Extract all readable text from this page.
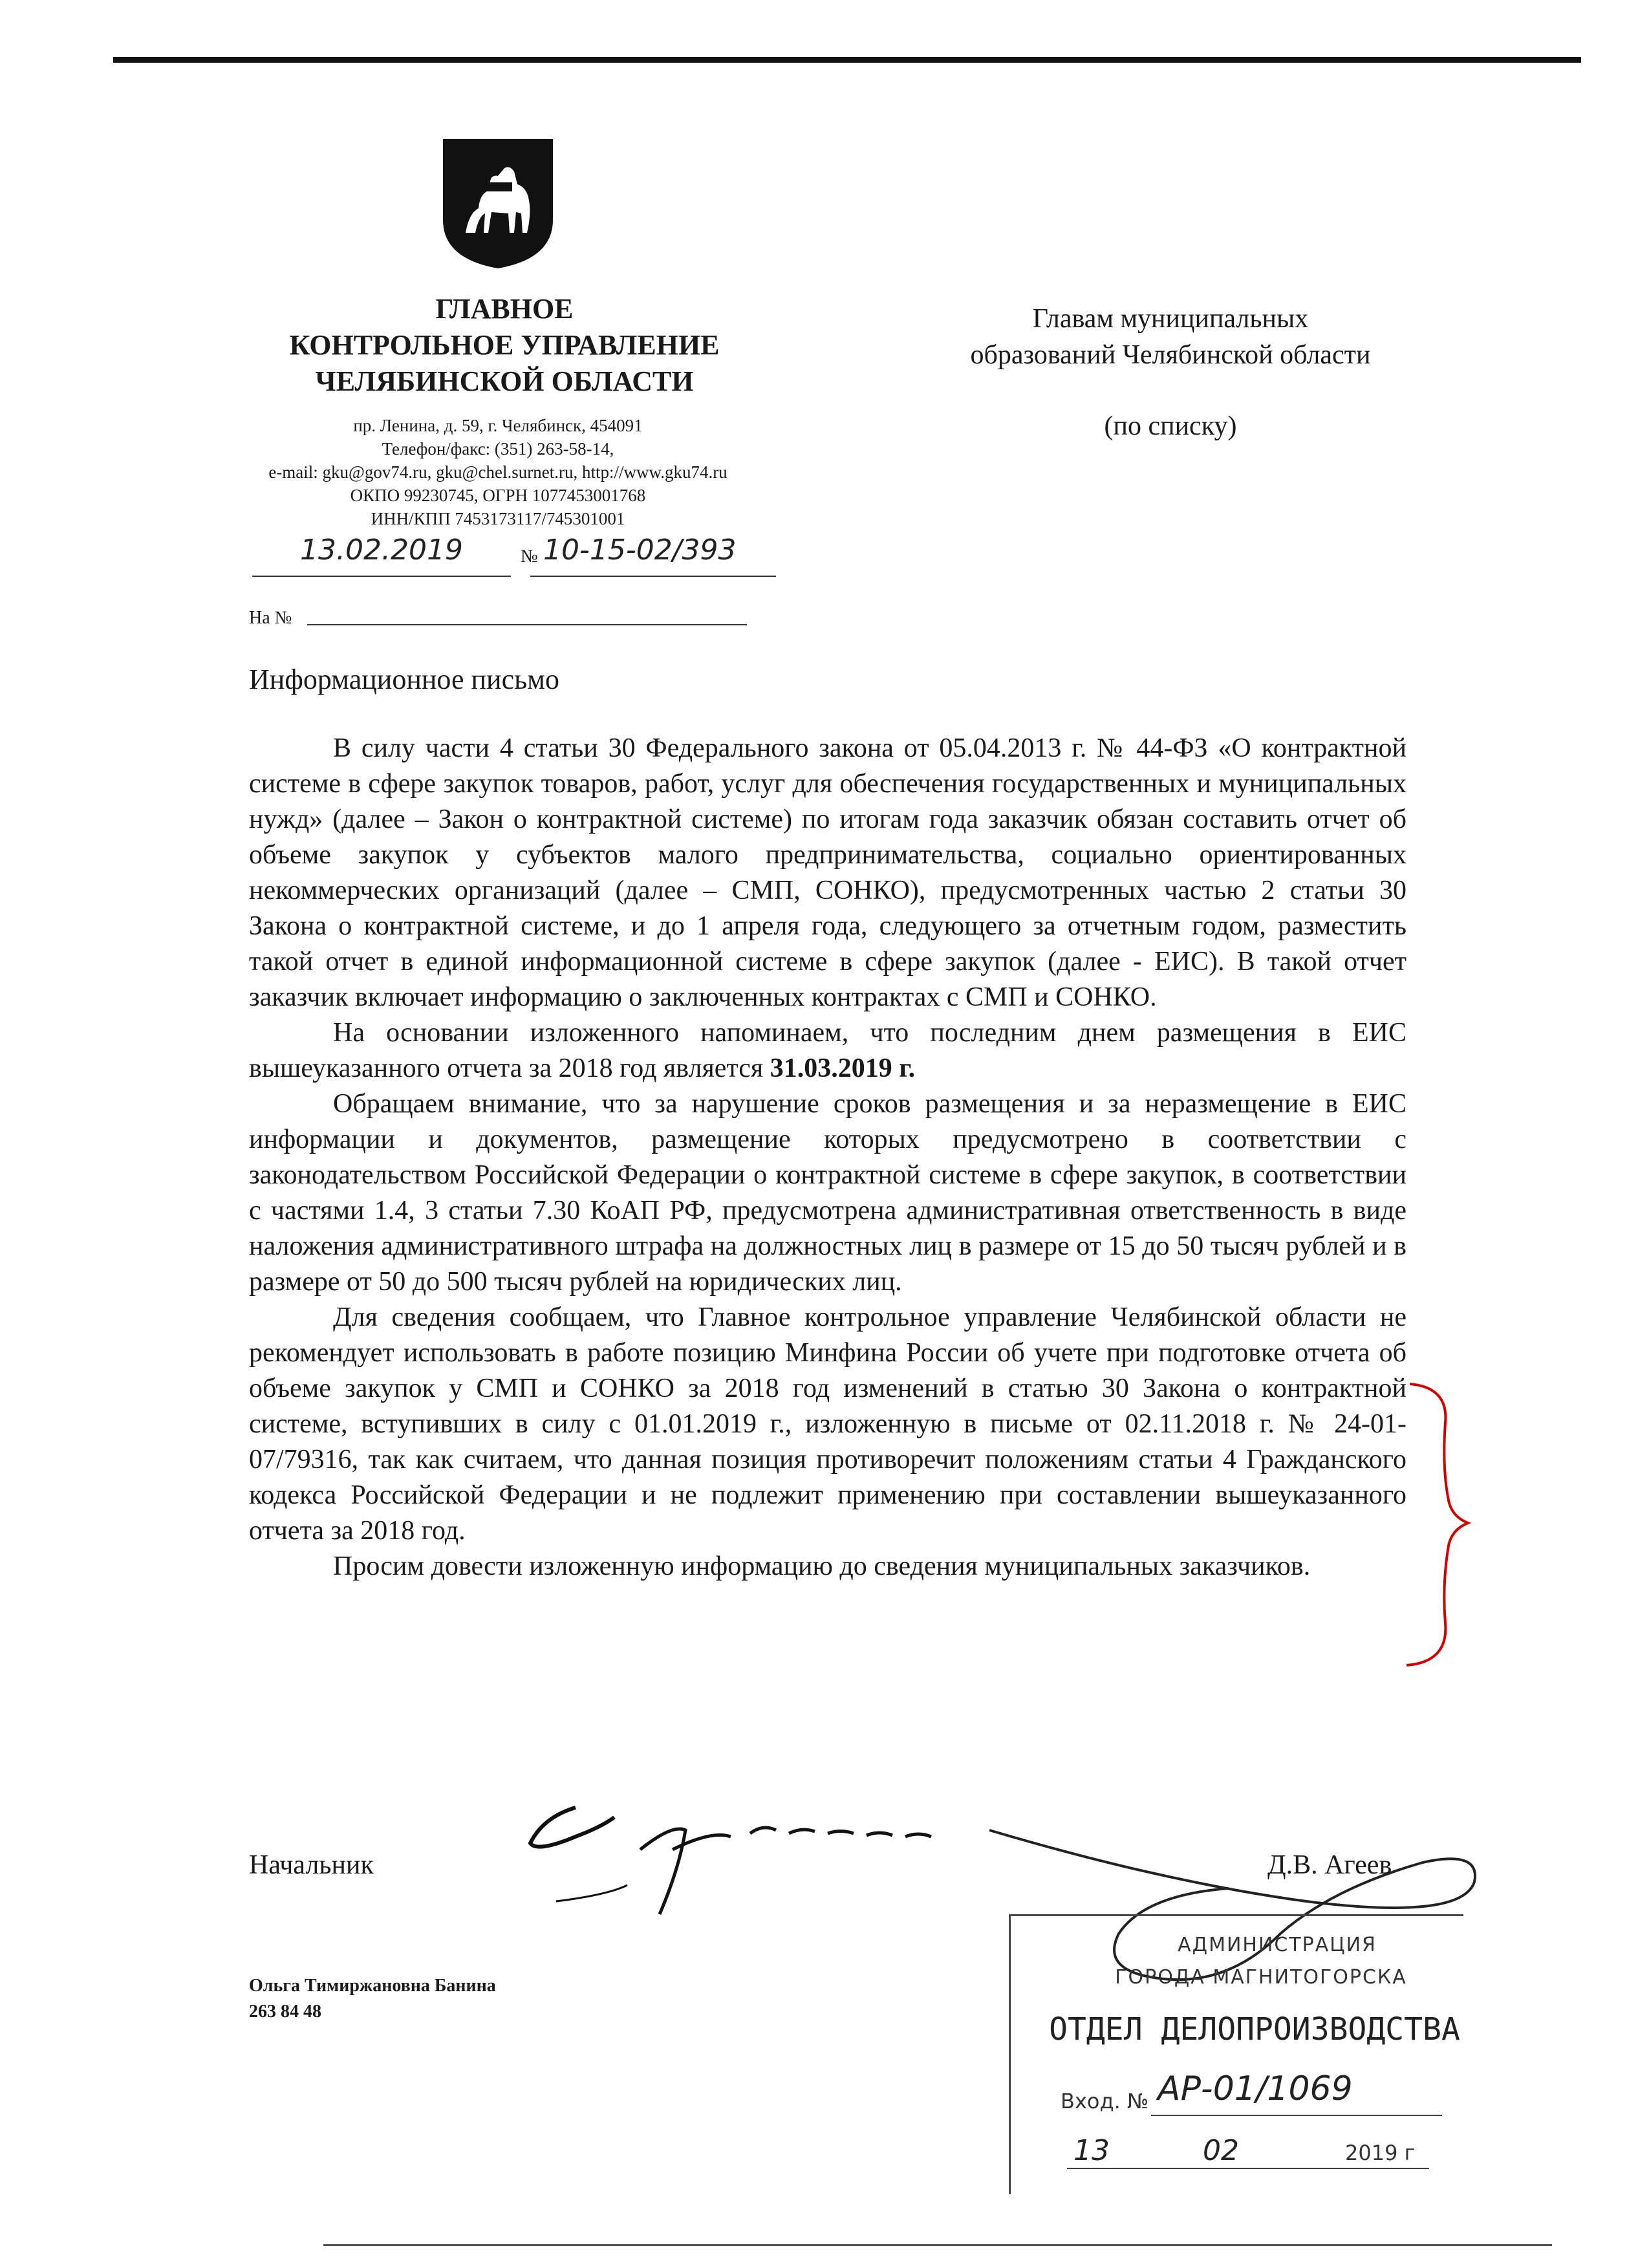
ГЛАВНОЕ
КОНТРОЛЬНОЕ УПРАВЛЕНИЕ
ЧЕЛЯБИНСКОЙ ОБЛАСТИ
пр. Ленина, д. 59, г. Челябинск, 454091
Телефон/факс: (351) 263-58-14,
e-mail: gku@gov74.ru, gku@chel.surnet.ru, http://www.gku74.ru
ОКПО 99230745, ОГРН 1077453001768
ИНН/КПП 7453173117/745301001
13.02.2019	№ 10-15-02/393
На №
Главам муниципальных
образований Челябинской области
(по списку)
Информационное письмо

В силу части 4 статьи 30 Федерального закона от 05.04.2013 г. № 44-ФЗ «О контрактной системе в сфере закупок товаров, работ, услуг для обеспечения государственных и муниципальных нужд» (далее – Закон о контрактной системе) по итогам года заказчик обязан составить отчет об объеме закупок у субъектов малого предпринимательства, социально ориентированных некоммерческих организаций (далее – СМП, СОНКО), предусмотренных частью 2 статьи 30 Закона о контрактной системе, и до 1 апреля года, следующего за отчетным годом, разместить такой отчет в единой информационной системе в сфере закупок (далее - ЕИС). В такой отчет заказчик включает информацию о заключенных контрактах с СМП и СОНКО.

На основании изложенного напоминаем, что последним днем размещения в ЕИС вышеуказанного отчета за 2018 год является 31.03.2019 г.

Обращаем внимание, что за нарушение сроков размещения и за неразмещение в ЕИС информации и документов, размещение которых предусмотрено в соответствии с законодательством Российской Федерации о контрактной системе в сфере закупок, в соответствии с частями 1.4, 3 статьи 7.30 КоАП РФ, предусмотрена административная ответственность в виде наложения административного штрафа на должностных лиц в размере от 15 до 50 тысяч рублей и в размере от 50 до 500 тысяч рублей на юридических лиц.

Для сведения сообщаем, что Главное контрольное управление Челябинской области не рекомендует использовать в работе позицию Минфина России об учете при подготовке отчета об объеме закупок у СМП и СОНКО за 2018 год изменений в статью 30 Закона о контрактной системе, вступивших в силу с 01.01.2019 г., изложенную в письме от 02.11.2018 г. № 24-01-07/79316, так как считаем, что данная позиция противоречит положениям статьи 4 Гражданского кодекса Российской Федерации и не подлежит применению при составлении вышеуказанного отчета за 2018 год.

Просим довести изложенную информацию до сведения муниципальных заказчиков.

Начальник	Д.В. Агеев
Ольга Тимиржановна Банина
263 84 48
АДМИНИСТРАЦИЯ
ГОРОДА МАГНИТОГОРСКА
ОТДЕЛ ДЕЛОПРОИЗВОДСТВА
Вход. № АР-01/1069
13	02	2019 г
